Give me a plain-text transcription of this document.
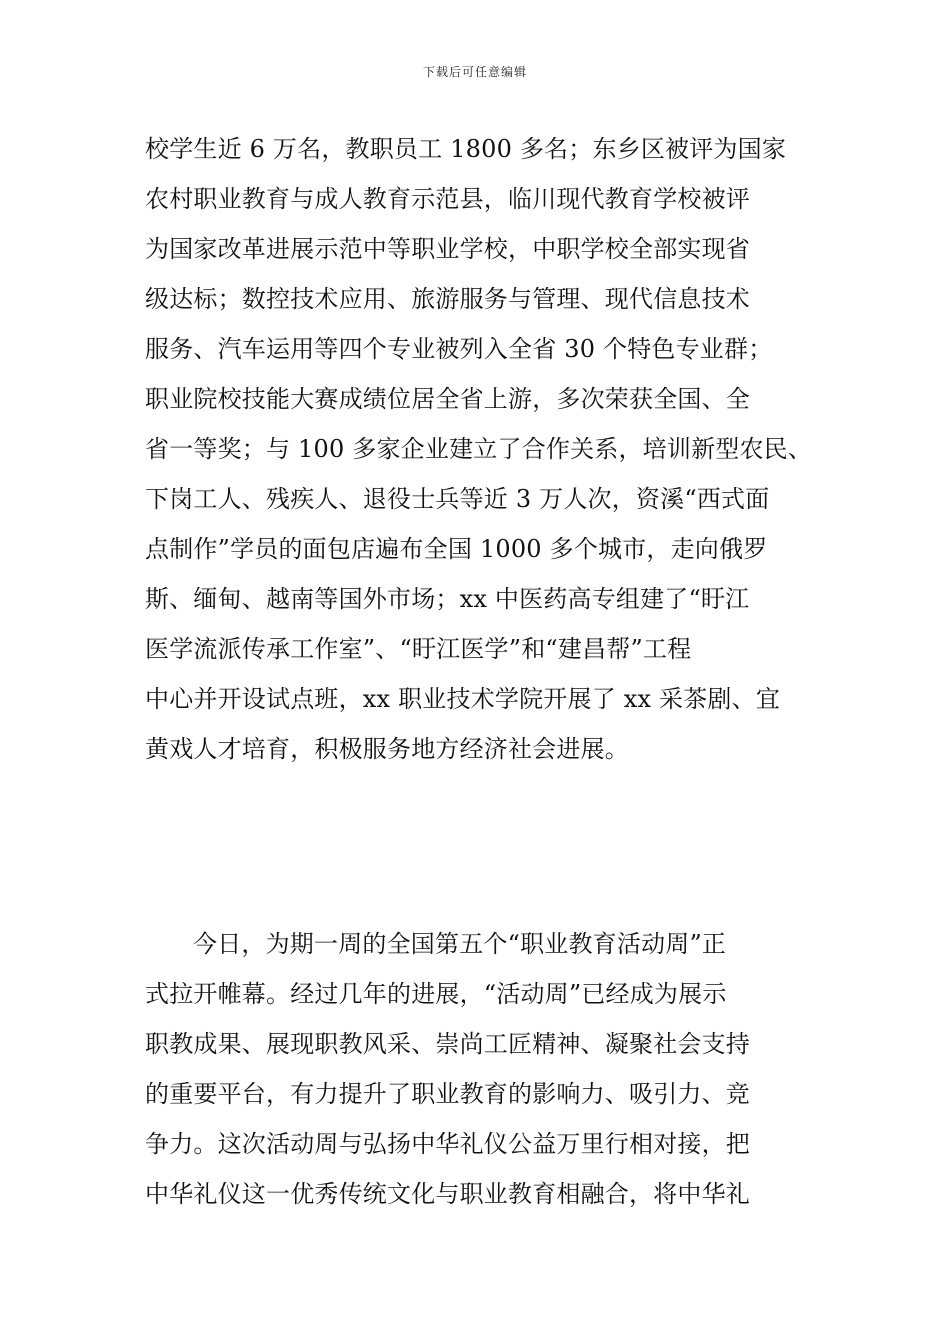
下载后可任意编辑
校学生近 6 万名，教职员工 1800 多名；东乡区被评为国家
农村职业教育与成人教育示范县，临川现代教育学校被评
为国家改革进展示范中等职业学校，中职学校全部实现省
级达标；数控技术应用、旅游服务与管理、现代信息技术
服务、汽车运用等四个专业被列入全省 30 个特色专业群；
职业院校技能大赛成绩位居全省上游，多次荣获全国、全
省一等奖；与 100 多家企业建立了合作关系，培训新型农民、
下岗工人、残疾人、退役士兵等近 3 万人次，资溪“西式面
点制作”学员的面包店遍布全国 1000 多个城市，走向俄罗
斯、缅甸、越南等国外市场；xx 中医药高专组建了“盱江
医学流派传承工作室”、“盱江医学”和“建昌帮”工程
中心并开设试点班，xx 职业技术学院开展了 xx 采茶剧、宜
黄戏人才培育，积极服务地方经济社会进展。
今日，为期一周的全国第五个“职业教育活动周”正
式拉开帷幕。经过几年的进展，“活动周”已经成为展示
职教成果、展现职教风采、崇尚工匠精神、凝聚社会支持
的重要平台，有力提升了职业教育的影响力、吸引力、竞
争力。这次活动周与弘扬中华礼仪公益万里行相对接，把
中华礼仪这一优秀传统文化与职业教育相融合，将中华礼
